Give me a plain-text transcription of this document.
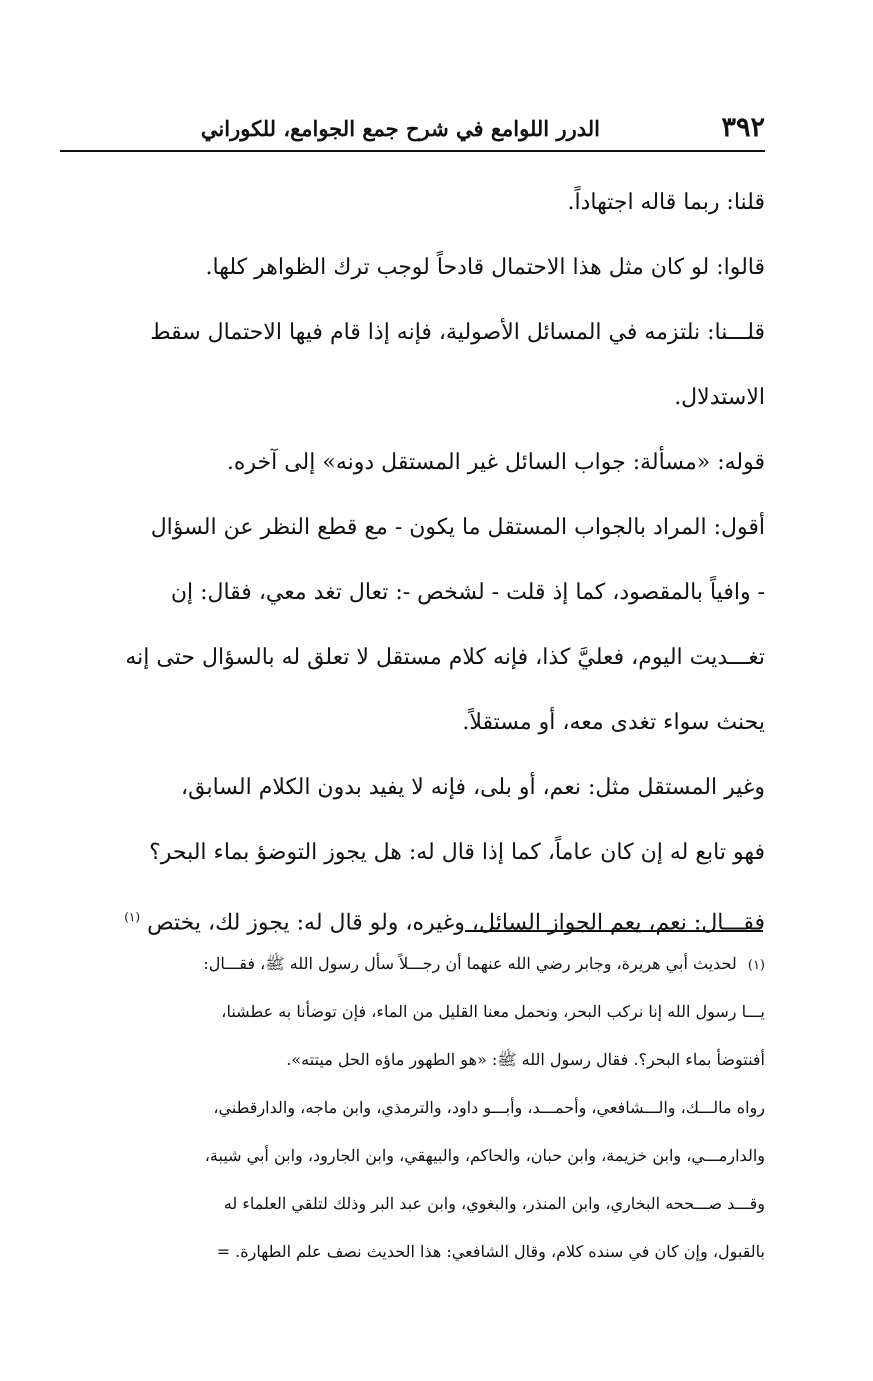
٣٩٢
الدرر اللوامع في شرح جمع الجوامع، للكوراني
قلنا: ربما قاله اجتهاداً.
قالوا: لو كان مثل هذا الاحتمال قادحاً لوجب ترك الظواهر كلها.
قلـــنا: نلتزمه في المسائل الأصولية، فإنه إذا قام فيها الاحتمال سقط
الاستدلال.
قوله: «مسألة: جواب السائل غير المستقل دونه» إلى آخره.
أقول: المراد بالجواب المستقل ما يكون - مع قطع النظر عن السؤال
- وافياً بالمقصود، كما إذ قلت - لشخص -: تعال تغد معي، فقال: إن
تغـــديت اليوم، فعليَّ كذا، فإنه كلام مستقل لا تعلق له بالسؤال حتى إنه
يحنث سواء تغدى معه، أو مستقلاً.
وغير المستقل مثل: نعم، أو بلى، فإنه لا يفيد بدون الكلام السابق،
فهو تابع له إن كان عاماً، كما إذا قال له: هل يجوز التوضؤ بماء البحر؟
فقـــال: نعم، يعم الجواز السائل، وغيره، ولو قال له: يجوز لك، يختص $^{(١)}$
(١) لحديث أبي هريرة، وجابر رضي الله عنهما أن رجـــلاً سأل رسول الله ﷺ، فقـــال:
يـــا رسول الله إنا نركب البحر، ونحمل معنا القليل من الماء، فإن توضأنا به عطشنا،
أفنتوضأ بماء البحر؟. فقال رسول الله ﷺ: «هو الطهور ماؤه الحل ميتته».
رواه مالـــك، والـــشافعي، وأحمـــد، وأبـــو داود، والترمذي، وابن ماجه، والدارقطني،
والدارمـــي، وابن خزيمة، وابن حبان، والحاكم، والبيهقي، وابن الجارود، وابن أبي شيبة،
وقـــد صـــححه البخاري، وابن المنذر، والبغوي، وابن عبد البر وذلك لتلقي العلماء له
بالقبول، وإن كان في سنده كلام، وقال الشافعي: هذا الحديث نصف علم الطهارة. =
